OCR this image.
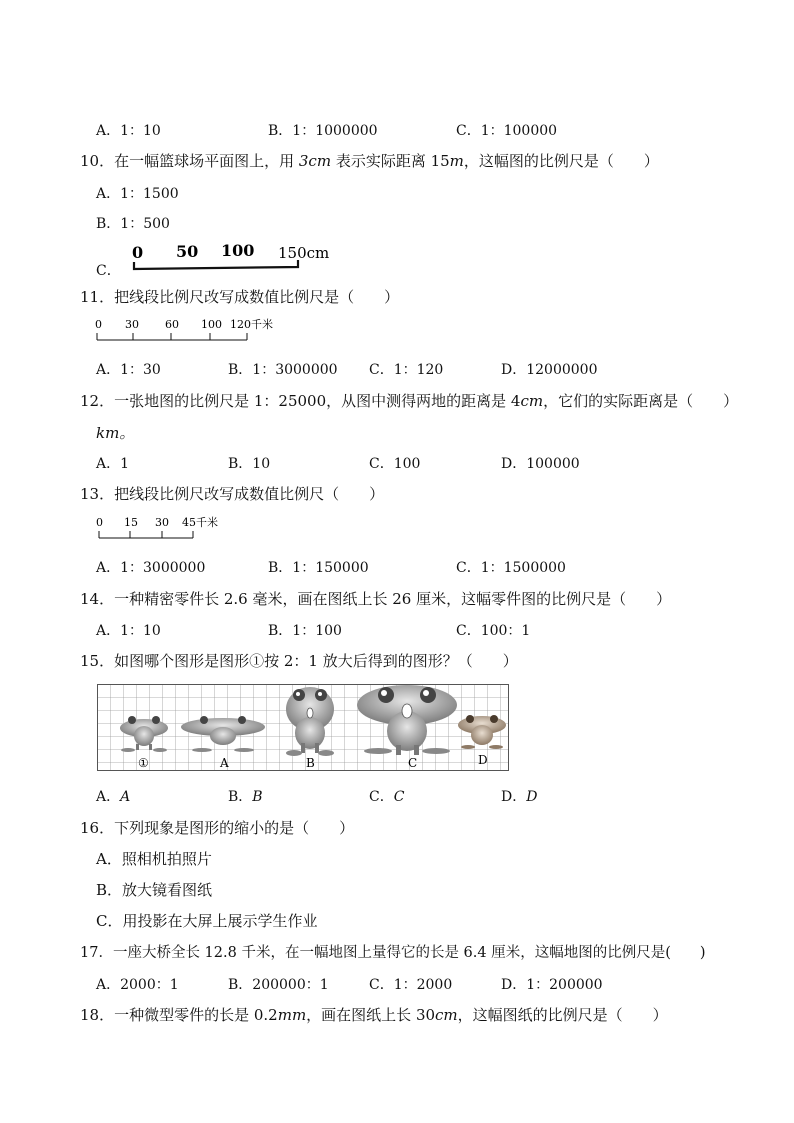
A．1：10	B．1：1000000	C．1：100000
10．在一幅篮球场平面图上，用 3cm 表示实际距离 15m，这幅图的比例尺是（　　）
A．1：1500
B．1：500
C．
0 50 100 150cm
11．把线段比例尺改写成数值比例尺是（　　）
0 30 60 100 120千米
A．1：30	B．1：3000000 C．1：120	D．12000000
12．一张地图的比例尺是 1：25000，从图中测得两地的距离是 4cm，它们的实际距离是（　　）
km。
A．1	B．10	C．100	D．100000
13．把线段比例尺改写成数值比例尺（　　）
0 15 30 45千米
A．1：3000000	B．1：150000	C．1：1500000
14．一种精密零件长 2.6 毫米，画在图纸上长 26 厘米，这幅零件图的比例尺是（　　）
A．1：10	B．1：100	C．100：1
15．如图哪个图形是图形①按 2：1 放大后得到的图形？（　　）
①	A	B	C	D
A．A	B．B	C．C	D．D
16．下列现象是图形的缩小的是（　　）
A．照相机拍照片
B．放大镜看图纸
C．用投影在大屏上展示学生作业
17．一座大桥全长 12.8 千米，在一幅地图上量得它的长是 6.4 厘米，这幅地图的比例尺是(　　)
A．2000：1	B．200000：1	C．1：2000	D．1：200000
18．一种微型零件的长是 0.2mm，画在图纸上长 30cm，这幅图纸的比例尺是（　　）
